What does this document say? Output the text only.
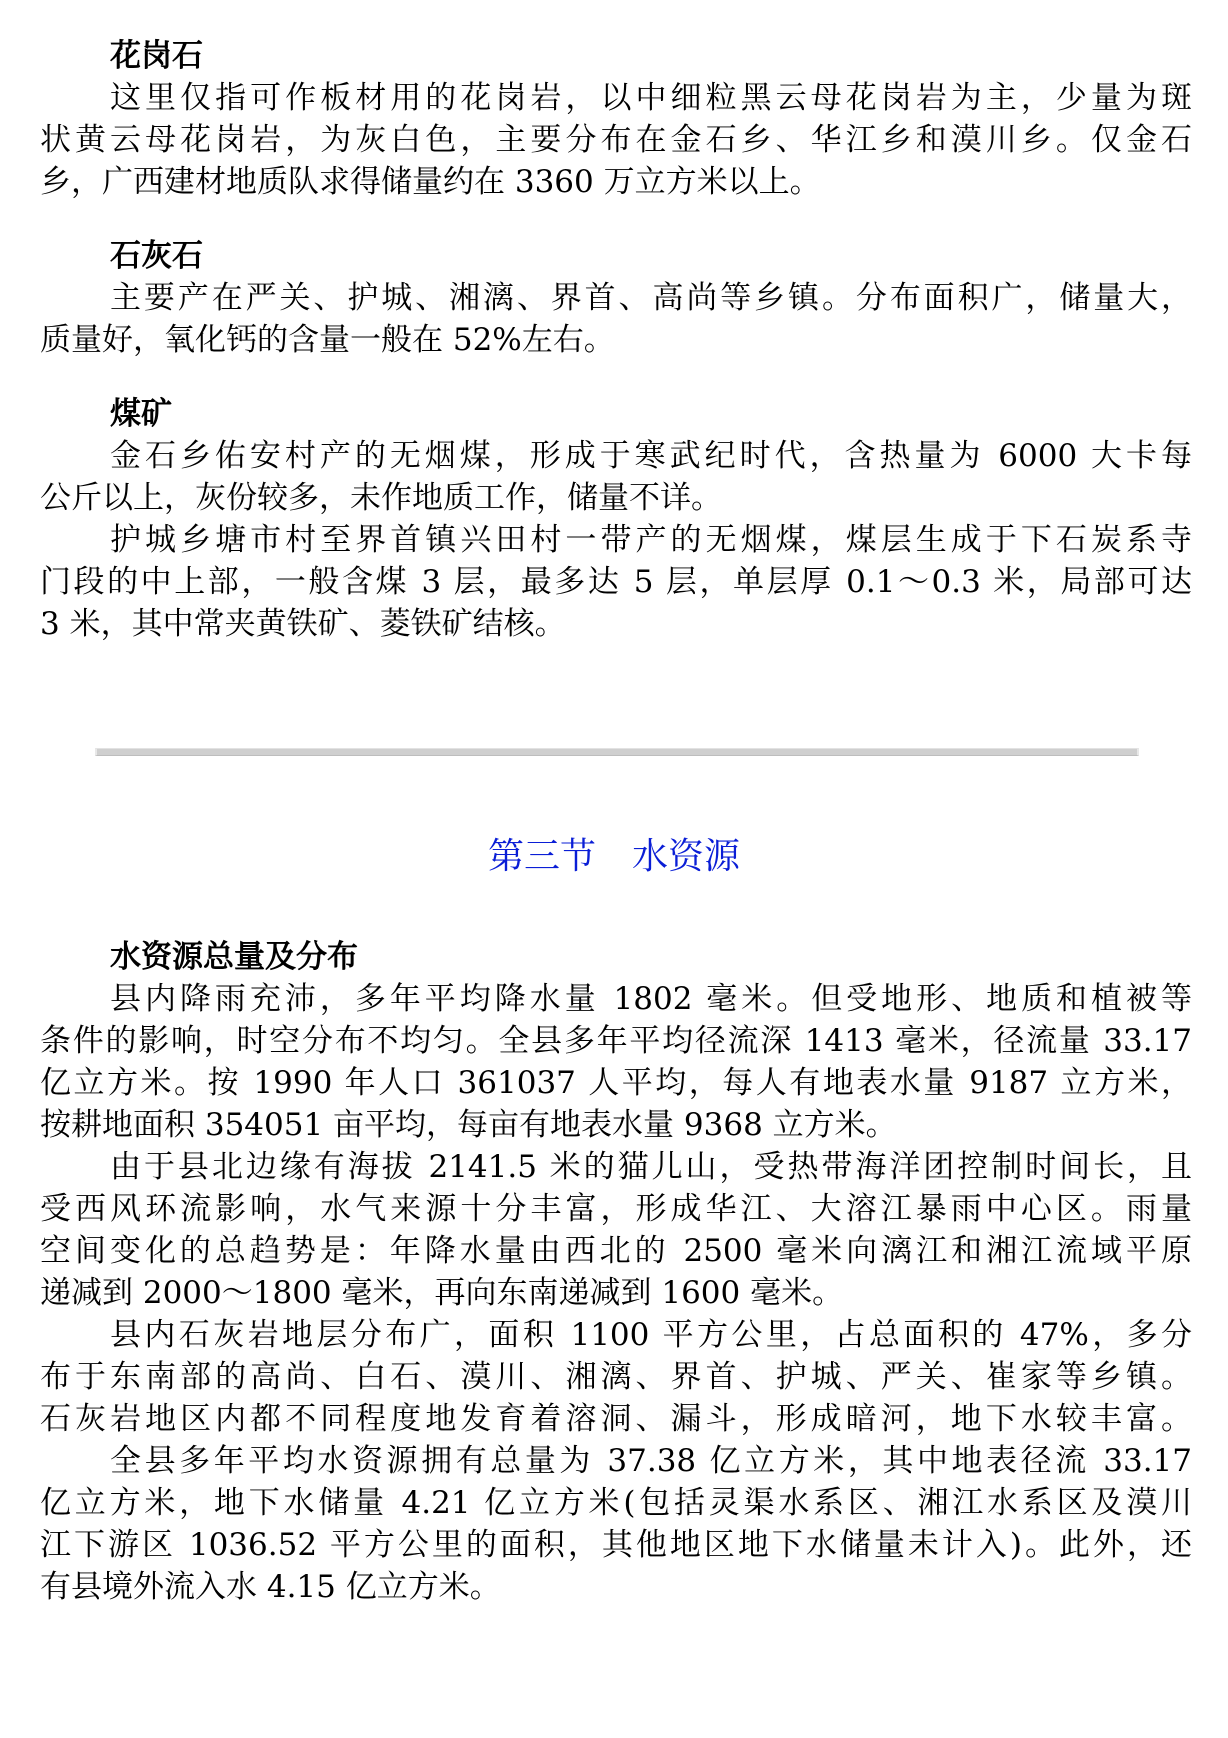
花岗石
这里仅指可作板材用的花岗岩，以中细粒黑云母花岗岩为主，少量为斑
状黄云母花岗岩，为灰白色，主要分布在金石乡、华江乡和漠川乡。仅金石
乡，广西建材地质队求得储量约在 3360 万立方米以上。
石灰石
主要产在严关、护城、湘漓、界首、高尚等乡镇。分布面积广，储量大，
质量好，氧化钙的含量一般在 52%左右。
煤矿
金石乡佑安村产的无烟煤，形成于寒武纪时代，含热量为 6000 大卡每
公斤以上，灰份较多，未作地质工作，储量不详。
护城乡塘市村至界首镇兴田村一带产的无烟煤，煤层生成于下石炭系寺
门段的中上部，一般含煤 3 层，最多达 5 层，单层厚 0.1～0.3 米，局部可达
3 米，其中常夹黄铁矿、菱铁矿结核。
第三节　水资源
水资源总量及分布
县内降雨充沛，多年平均降水量 1802 毫米。但受地形、地质和植被等
条件的影响，时空分布不均匀。全县多年平均径流深 1413 毫米，径流量 33.17
亿立方米。按 1990 年人口 361037 人平均，每人有地表水量 9187 立方米，
按耕地面积 354051 亩平均，每亩有地表水量 9368 立方米。
由于县北边缘有海拔 2141.5 米的猫儿山，受热带海洋团控制时间长，且
受西风环流影响，水气来源十分丰富，形成华江、大溶江暴雨中心区。雨量
空间变化的总趋势是：年降水量由西北的 2500 毫米向漓江和湘江流域平原
递减到 2000～1800 毫米，再向东南递减到 1600 毫米。
县内石灰岩地层分布广，面积 1100 平方公里，占总面积的 47%，多分
布于东南部的高尚、白石、漠川、湘漓、界首、护城、严关、崔家等乡镇。
石灰岩地区内都不同程度地发育着溶洞、漏斗，形成暗河，地下水较丰富。
全县多年平均水资源拥有总量为 37.38 亿立方米，其中地表径流 33.17
亿立方米，地下水储量 4.21 亿立方米(包括灵渠水系区、湘江水系区及漠川
江下游区 1036.52 平方公里的面积，其他地区地下水储量未计入)。此外，还
有县境外流入水 4.15 亿立方米。
